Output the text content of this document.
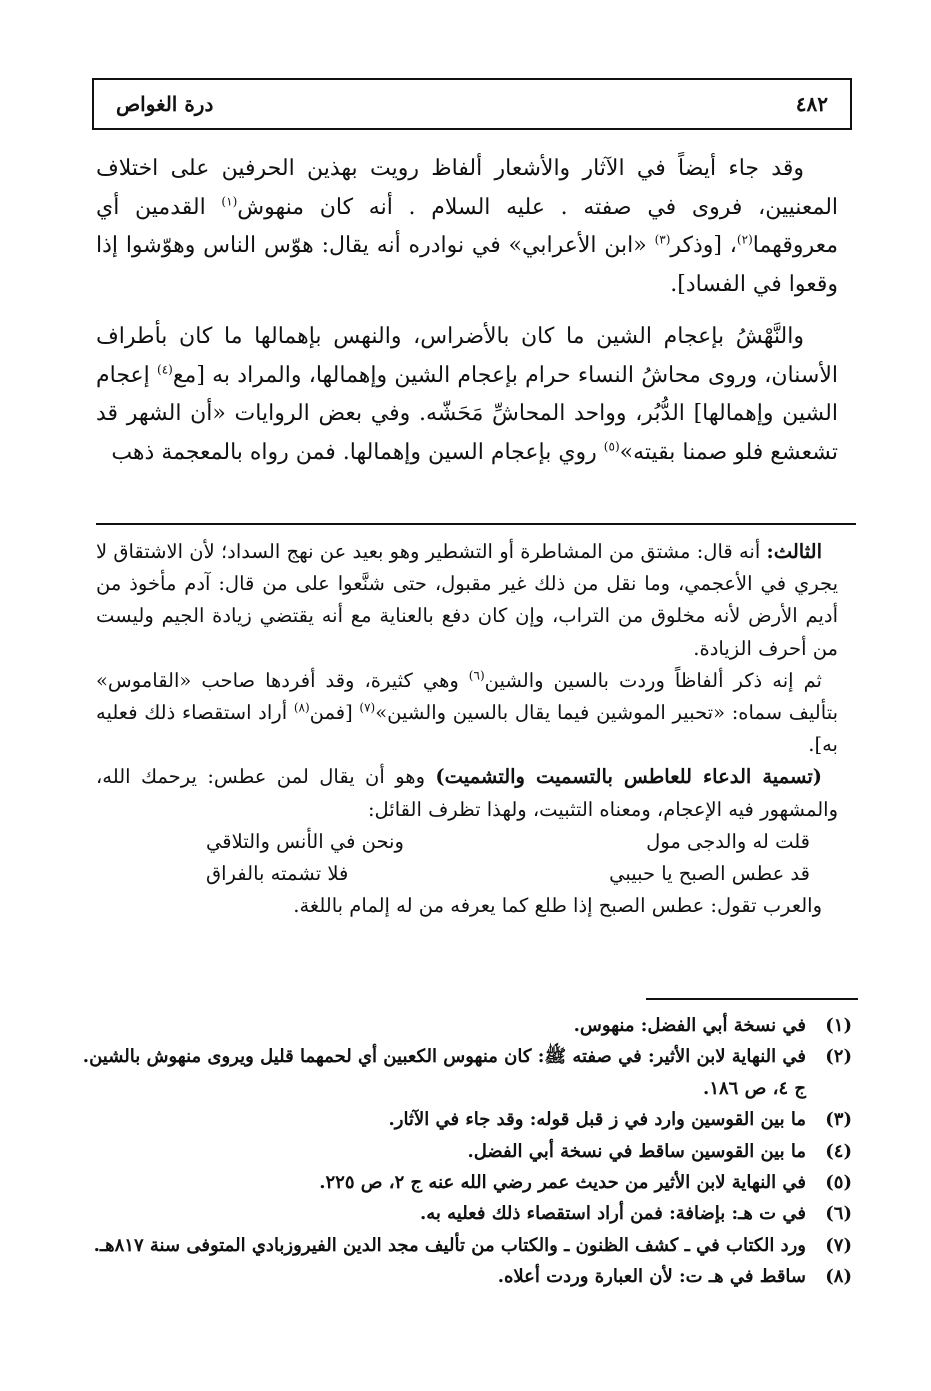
٤٨٢
درة الغواص

وقد جاء أيضاً في الآثار والأشعار ألفاظ رويت بهذين الحرفين على اختلاف المعنيين، فروى في صفته . عليه السلام . أنه كان منهوش$^{(١)}$ القدمين أي معروقهما$^{(٢)}$، [وذكر$^{(٣)}$ «ابن الأعرابي» في نوادره أنه يقال: هوّس الناس وهوّشوا إذا وقعوا في الفساد].

والنَّهْشُ بإعجام الشين ما كان بالأضراس، والنهس بإهمالها ما كان بأطراف الأسنان، وروى محاشُ النساء حرام بإعجام الشين وإهمالها، والمراد به [مع$^{(٤)}$ إعجام الشين وإهمالها] الدُّبُر، وواحد المحاشِّ مَحَشّه. وفي بعض الروايات «أن الشهر قد تشعشع فلو صمنا بقيته»$^{(٥)}$ روي بإعجام السين وإهمالها. فمن رواه بالمعجمة ذهب

الثالث: أنه قال: مشتق من المشاطرة أو التشطير وهو بعيد عن نهج السداد؛ لأن الاشتقاق لا يجري في الأعجمي، وما نقل من ذلك غير مقبول، حتى شنَّعوا على من قال: آدم مأخوذ من أديم الأرض لأنه مخلوق من التراب، وإن كان دفع بالعناية مع أنه يقتضي زيادة الجيم وليست من أحرف الزيادة.

ثم إنه ذكر ألفاظاً وردت بالسين والشين$^{(٦)}$ وهي كثيرة، وقد أفردها صاحب «القاموس» بتأليف سماه: «تحبير الموشين فيما يقال بالسين والشين»$^{(٧)}$ [فمن$^{(٨)}$ أراد استقصاء ذلك فعليه به].

(تسمية الدعاء للعاطس بالتسميت والتشميت) وهو أن يقال لمن عطس: يرحمك الله، والمشهور فيه الإعجام، ومعناه التثبيت، ولهذا تظرف القائل:

قلت له والدجى مول
ونحن في الأنس والتلاقي
قد عطس الصبح يا حبيبي
فلا تشمته بالفراق

والعرب تقول: عطس الصبح إذا طلع كما يعرفه من له إلمام باللغة.

(١)
في نسخة أبي الفضل: منهوس.
(٢)
في النهاية لابن الأثير: في صفته ﷺ: كان منهوس الكعبين أي لحمهما قليل ويروى منهوش بالشين. ج ٤، ص ١٨٦.
(٣)
ما بين القوسين وارد في ز قبل قوله: وقد جاء في الآثار.
(٤)
ما بين القوسين ساقط في نسخة أبي الفضل.
(٥)
في النهاية لابن الأثير من حديث عمر رضي الله عنه ج ٢، ص ٢٢٥.
(٦)
في ت هـ: بإضافة: فمن أراد استقصاء ذلك فعليه به.
(٧)
ورد الكتاب في ـ كشف الظنون ـ والكتاب من تأليف مجد الدين الفيروزبادي المتوفى سنة ٨١٧هـ.
(٨)
ساقط في هـ ت: لأن العبارة وردت أعلاه.
